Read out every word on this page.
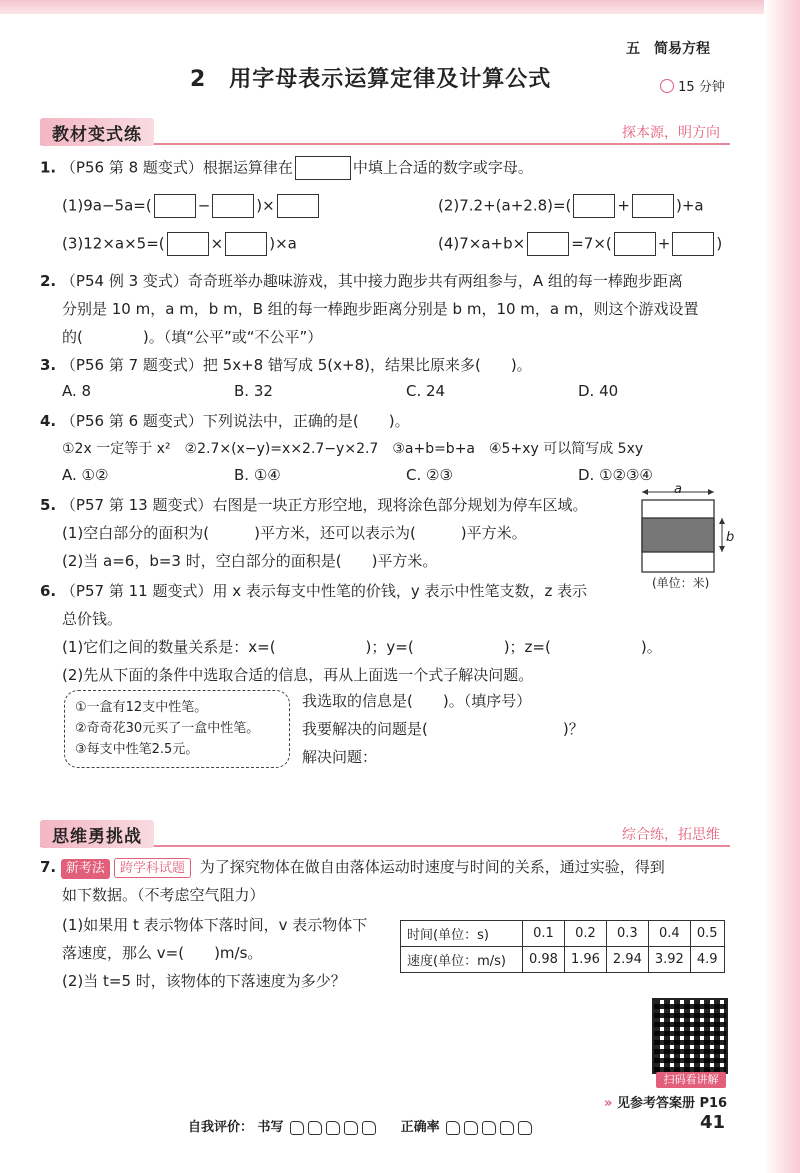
五　简易方程
2　用字母表示运算定律及计算公式	15 分钟
教材变式练	探本源，明方向
1. （P56 第 8 题变式）根据运算律在	中填上合适的数字或字母。
(1)9a−5a=(	−	)×	(2)7.2+(a+2.8)=(	+	)+a
(3)12×a×5=(	×	)×a	(4)7×a+b×	=7×(	+	)
2. （P54 例 3 变式）奇奇班举办趣味游戏，其中接力跑步共有两组参与，A 组的每一棒跑步距离
分别是 10 m，a m，b m，B 组的每一棒跑步距离分别是 b m，10 m，a m，则这个游戏设置
的(　　　　)。（填“公平”或“不公平”）
3. （P56 第 7 题变式）把 5x+8 错写成 5(x+8)，结果比原来多(　　)。
A. 8	B. 32	C. 24	D. 40
4. （P56 第 6 题变式）下列说法中，正确的是(　　)。
①2x 一定等于 x²　②2.7×(x−y)=x×2.7−y×2.7　③a+b=b+a　④5+xy 可以简写成 5xy
A. ①②	B. ①④	C. ②③	D. ①②③④
5. （P57 第 13 题变式）右图是一块正方形空地，现将涂色部分规划为停车区域。
(1)空白部分的面积为(　　　)平方米，还可以表示为(　　　)平方米。
(2)当 a=6，b=3 时，空白部分的面积是(　　)平方米。
a
b
(单位：米)
6. （P57 第 11 题变式）用 x 表示每支中性笔的价钱，y 表示中性笔支数，z 表示
总价钱。
(1)它们之间的数量关系是：x=(　　　　　　)；y=(　　　　　　)；z=(　　　　　　)。
(2)先从下面的条件中选取合适的信息，再从上面选一个式子解决问题。
①一盒有12支中性笔。
②奇奇花30元买了一盒中性笔。
③每支中性笔2.5元。
我选取的信息是(　　)。（填序号）
我要解决的问题是(　　　　　　　　　)？
解决问题：
思维勇挑战	综合练，拓思维
7. 新考法 跨学科试题 为了探究物体在做自由落体运动时速度与时间的关系，通过实验，得到
如下数据。（不考虑空气阻力）
(1)如果用 t 表示物体下落时间，v 表示物体下
落速度，那么 v=(　　)m/s。
(2)当 t=5 时，该物体的下落速度为多少？
时间(单位：s)	0.1	0.2	0.3	0.4	0.5
速度(单位：m/s)	0.98	1.96	2.94	3.92	4.9
扫码看讲解
» 见参考答案册 P16
自我评价： 书写	正确率	41
